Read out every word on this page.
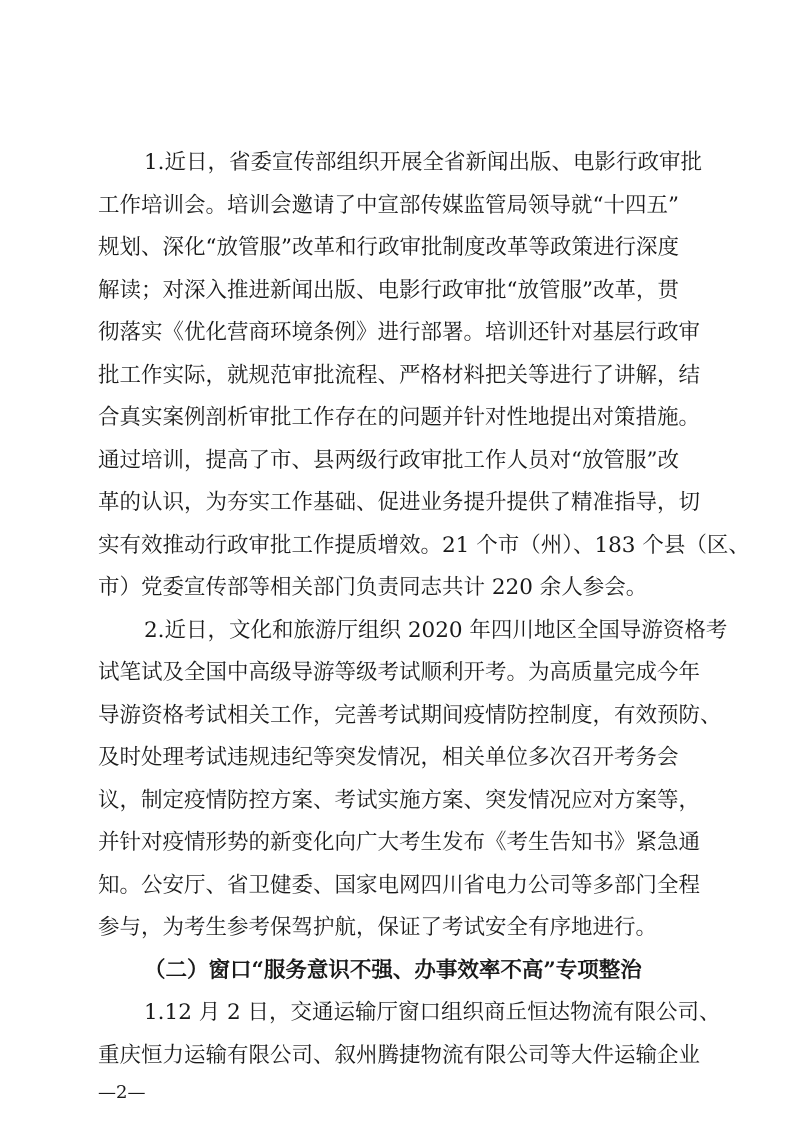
1.近日，省委宣传部组织开展全省新闻出版、电影行政审批

工作培训会。培训会邀请了中宣部传媒监管局领导就“十四五”

规划、深化“放管服”改革和行政审批制度改革等政策进行深度

解读；对深入推进新闻出版、电影行政审批“放管服”改革，贯

彻落实《优化营商环境条例》进行部署。培训还针对基层行政审

批工作实际，就规范审批流程、严格材料把关等进行了讲解，结

合真实案例剖析审批工作存在的问题并针对性地提出对策措施。

通过培训，提高了市、县两级行政审批工作人员对“放管服”改

革的认识，为夯实工作基础、促进业务提升提供了精准指导，切

实有效推动行政审批工作提质增效。21 个市（州）、183 个县（区、

市）党委宣传部等相关部门负责同志共计 220 余人参会。

2.近日，文化和旅游厅组织 2020 年四川地区全国导游资格考

试笔试及全国中高级导游等级考试顺利开考。为高质量完成今年

导游资格考试相关工作，完善考试期间疫情防控制度，有效预防、

及时处理考试违规违纪等突发情况，相关单位多次召开考务会

议，制定疫情防控方案、考试实施方案、突发情况应对方案等，

并针对疫情形势的新变化向广大考生发布《考生告知书》紧急通

知。公安厅、省卫健委、国家电网四川省电力公司等多部门全程

参与，为考生参考保驾护航，保证了考试安全有序地进行。

（二）窗口“服务意识不强、办事效率不高”专项整治

1.12 月 2 日，交通运输厅窗口组织商丘恒达物流有限公司、

重庆恒力运输有限公司、叙州腾捷物流有限公司等大件运输企业

—2—
